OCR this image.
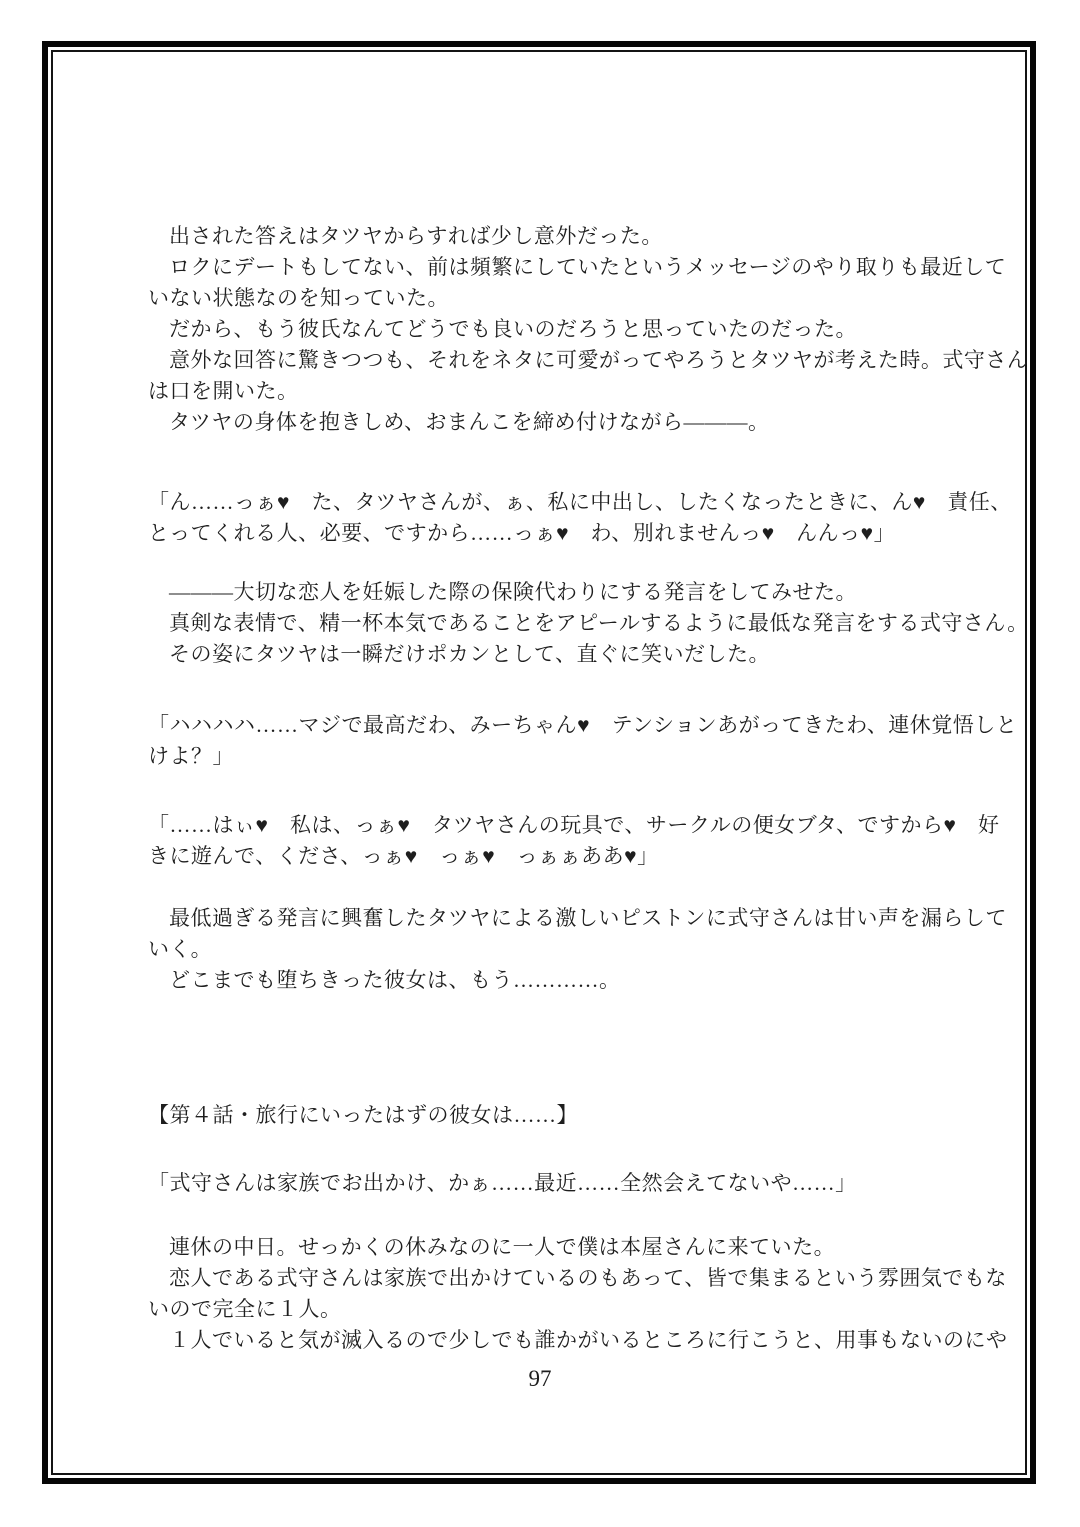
出された答えはタツヤからすれば少し意外だった。
ロクにデートもしてない、前は頻繁にしていたというメッセージのやり取りも最近して
いない状態なのを知っていた。
だから、もう彼氏なんてどうでも良いのだろうと思っていたのだった。
意外な回答に驚きつつも、それをネタに可愛がってやろうとタツヤが考えた時。式守さん
は口を開いた。
タツヤの身体を抱きしめ、おまんこを締め付けながら———。
「ん……っぁ♥　た、タツヤさんが、ぁ、私に中出し、したくなったときに、ん♥　責任、
とってくれる人、必要、ですから……っぁ♥　わ、別れませんっ♥　んんっ♥」
———大切な恋人を妊娠した際の保険代わりにする発言をしてみせた。
真剣な表情で、精一杯本気であることをアピールするように最低な発言をする式守さん。
その姿にタツヤは一瞬だけポカンとして、直ぐに笑いだした。
「ハハハハ……マジで最高だわ、みーちゃん♥　テンションあがってきたわ、連休覚悟しと
けよ？」
「……はぃ♥　私は、っぁ♥　タツヤさんの玩具で、サークルの便女ブタ、ですから♥　好
きに遊んで、くださ、っぁ♥　っぁ♥　っぁぁああ♥」
最低過ぎる発言に興奮したタツヤによる激しいピストンに式守さんは甘い声を漏らして
いく。
どこまでも堕ちきった彼女は、もう…………。
【第４話・旅行にいったはずの彼女は……】
「式守さんは家族でお出かけ、かぁ……最近……全然会えてないや……」
連休の中日。せっかくの休みなのに一人で僕は本屋さんに来ていた。
恋人である式守さんは家族で出かけているのもあって、皆で集まるという雰囲気でもな
いので完全に１人。
１人でいると気が滅入るので少しでも誰かがいるところに行こうと、用事もないのにや
97
